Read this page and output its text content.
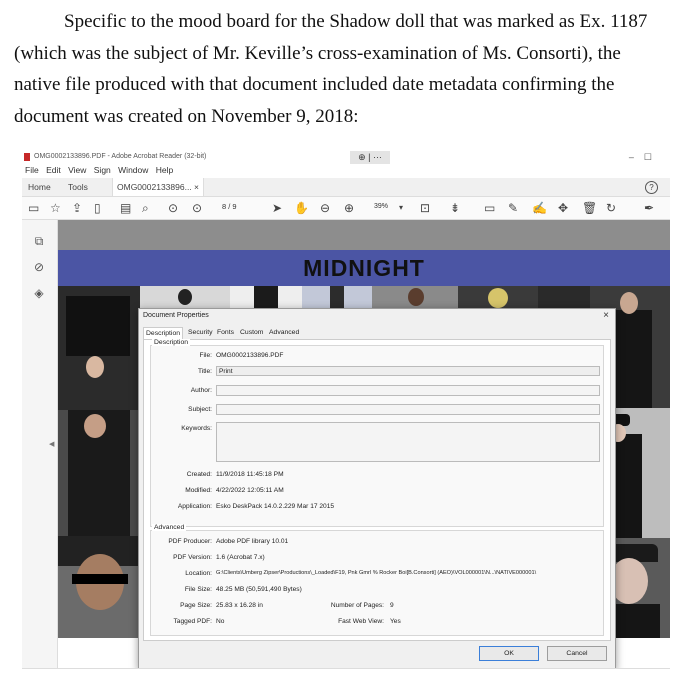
Specific to the mood board for the Shadow doll that was marked as Ex. 1187
(which was the subject of Mr. Keville’s cross-examination of Ms. Consorti), the
native file produced with that document included date metadata confirming the
document was created on November 9, 2018:
OMG0002133896.PDF - Adobe Acrobat Reader (32-bit)	⊕ | ···	–☐
File Edit View Sign Window Help
Home Tools	OMG0002133896... ×	?
▭ ☆ ⇪ ▯ ▤ ⌕ ⊙ ⊙	8 / 9	➤ ✋ ⊖ ⊕	39% ▾ ⊡ ⇟ ▭ ✎ ✍ ✥ 🗑 ↻ ✒
⧉
⊘
◈
◀
MIDNIGHT
Document Properties	×
Description	Security Fonts Custom Advanced
Description
File: OMG0002133896.PDF
Title:	Print
Author:
Subject:
Keywords:
Created: 11/9/2018 11:45:18 PM
Modified: 4/22/2022 12:05:11 AM
Application: Esko DeskPack 14.0.2.229 Mar 17 2015
Advanced
PDF Producer: Adobe PDF library 10.01
PDF Version: 1.6 (Acrobat 7.x)
Location: G:\Clients\Umberg Zipser\Productions\_Loaded\F19, Pnk Gmrl % Rocker Boi[B.Consorti] (AEO)\VOL000001\N...\NATIVE000001\
File Size: 48.25 MB (50,591,490 Bytes)
Page Size: 25.83 x 16.28 in	Number of Pages: 9
Tagged PDF: No	Fast Web View: Yes
OK	Cancel
